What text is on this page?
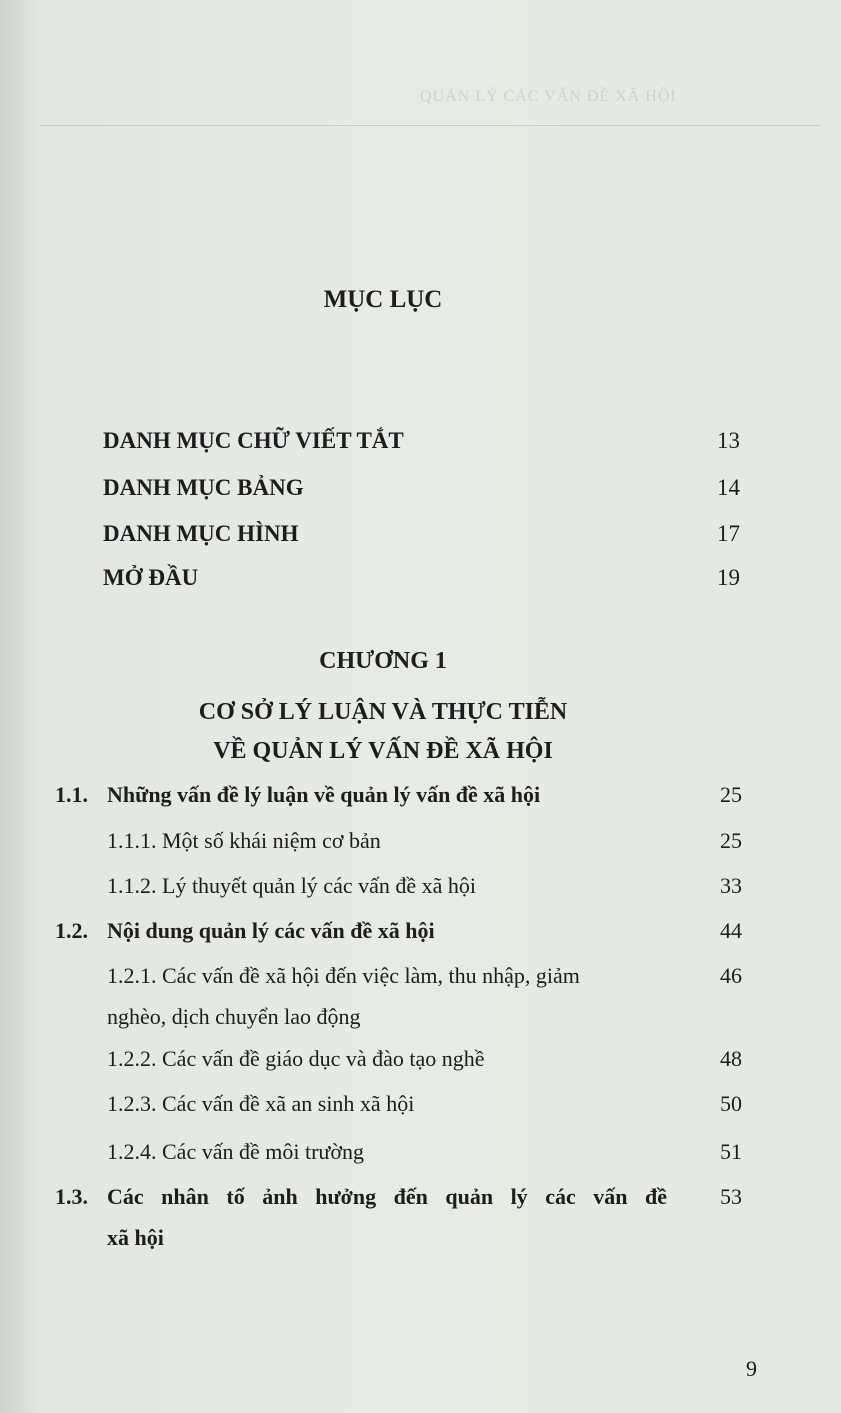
QUẢN LÝ CÁC VẤN ĐỀ XÃ HỘI
MỤC LỤC
DANH MỤC CHỮ VIẾT TẮT	13
DANH MỤC BẢNG	14
DANH MỤC HÌNH	17
MỞ ĐẦU	19
CHƯƠNG 1
CƠ SỞ LÝ LUẬN VÀ THỰC TIỄN
VỀ QUẢN LÝ VẤN ĐỀ XÃ HỘI
1.1. Những vấn đề lý luận về quản lý vấn đề xã hội	25
1.1.1. Một số khái niệm cơ bản	25
1.1.2. Lý thuyết quản lý các vấn đề xã hội	33
1.2. Nội dung quản lý các vấn đề xã hội	44
1.2.1. Các vấn đề xã hội đến việc làm, thu nhập, giảm	46
nghèo, dịch chuyển lao động
1.2.2. Các vấn đề giáo dục và đào tạo nghề	48
1.2.3. Các vấn đề xã an sinh xã hội	50
1.2.4. Các vấn đề môi trường	51
1.3. Các nhân tố ảnh hưởng đến quản lý các vấn đề 53
xã hội
9
